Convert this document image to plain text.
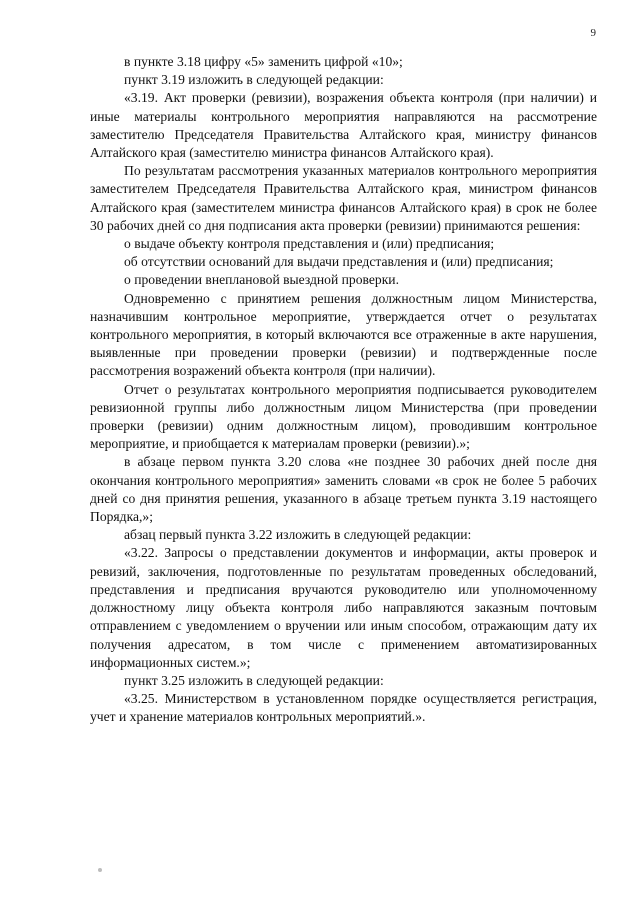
9

в пункте 3.18 цифру «5» заменить цифрой «10»;

пункт 3.19 изложить в следующей редакции:

«3.19. Акт проверки (ревизии), возражения объекта контроля (при наличии) и иные материалы контрольного мероприятия направляются на рассмотрение заместителю Председателя Правительства Алтайского края, министру финансов Алтайского края (заместителю министра финансов Алтайского края).

По результатам рассмотрения указанных материалов контрольного мероприятия заместителем Председателя Правительства Алтайского края, министром финансов Алтайского края (заместителем министра финансов Алтайского края) в срок не более 30 рабочих дней со дня подписания акта проверки (ревизии) принимаются решения:

о выдаче объекту контроля представления и (или) предписания;

об отсутствии оснований для выдачи представления и (или) предписания;

о проведении внеплановой выездной проверки.

Одновременно с принятием решения должностным лицом Министерства, назначившим контрольное мероприятие, утверждается отчет о результатах контрольного мероприятия, в который включаются все отраженные в акте нарушения, выявленные при проведении проверки (ревизии) и подтвержденные после рассмотрения возражений объекта контроля (при наличии).

Отчет о результатах контрольного мероприятия подписывается руководителем ревизионной группы либо должностным лицом Министерства (при проведении проверки (ревизии) одним должностным лицом), проводившим контрольное мероприятие, и приобщается к материалам проверки (ревизии).»;

в абзаце первом пункта 3.20 слова «не позднее 30 рабочих дней после дня окончания контрольного мероприятия» заменить словами «в срок не более 5 рабочих дней со дня принятия решения, указанного в абзаце третьем пункта 3.19 настоящего Порядка,»;

абзац первый пункта 3.22 изложить в следующей редакции:

«3.22. Запросы о представлении документов и информации, акты проверок и ревизий, заключения, подготовленные по результатам проведенных обследований, представления и предписания вручаются руководителю или уполномоченному должностному лицу объекта контроля либо направляются заказным почтовым отправлением с уведомлением о вручении или иным способом, отражающим дату их получения адресатом, в том числе с применением автоматизированных информационных систем.»;

пункт 3.25 изложить в следующей редакции:

«3.25. Министерством в установленном порядке осуществляется регистрация, учет и хранение материалов контрольных мероприятий.».
